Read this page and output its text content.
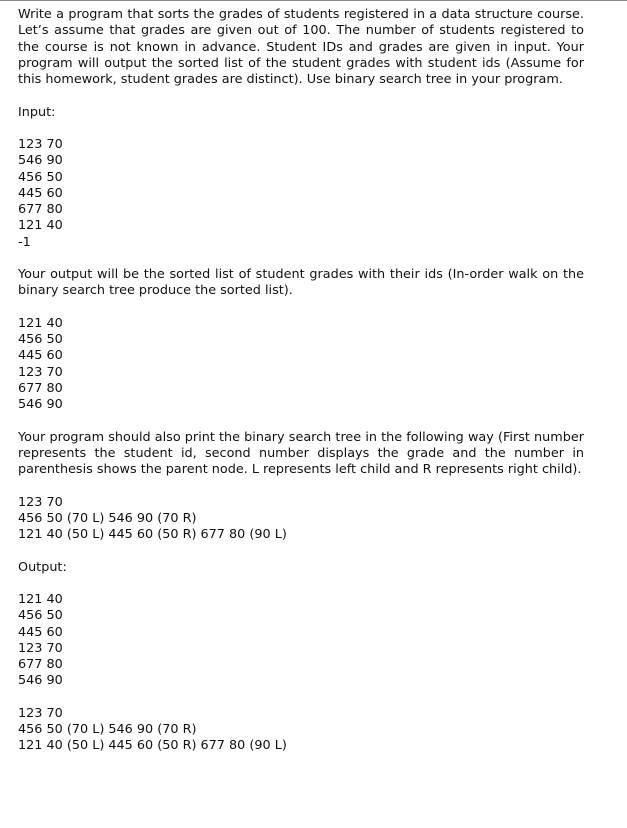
Write a program that sorts the grades of students registered in a data structure course. Let’s assume that grades are given out of 100. The number of students registered to the course is not known in advance. Student IDs and grades are given in input. Your program will output the sorted list of the student grades with student ids (Assume for this homework, student grades are distinct). Use binary search tree in your program.

Input:

123 70
546 90
456 50
445 60
677 80
121 40
-1

Your output will be the sorted list of student grades with their ids (In-order walk on the binary search tree produce the sorted list).

121 40
456 50
445 60
123 70
677 80
546 90

Your program should also print the binary search tree in the following way (First number represents the student id, second number displays the grade and the number in parenthesis shows the parent node. L represents left child and R represents right child).

123 70
456 50 (70 L) 546 90 (70 R)
121 40 (50 L) 445 60 (50 R) 677 80 (90 L)

Output:

121 40
456 50
445 60
123 70
677 80
546 90
123 70
456 50 (70 L) 546 90 (70 R)
121 40 (50 L) 445 60 (50 R) 677 80 (90 L)
